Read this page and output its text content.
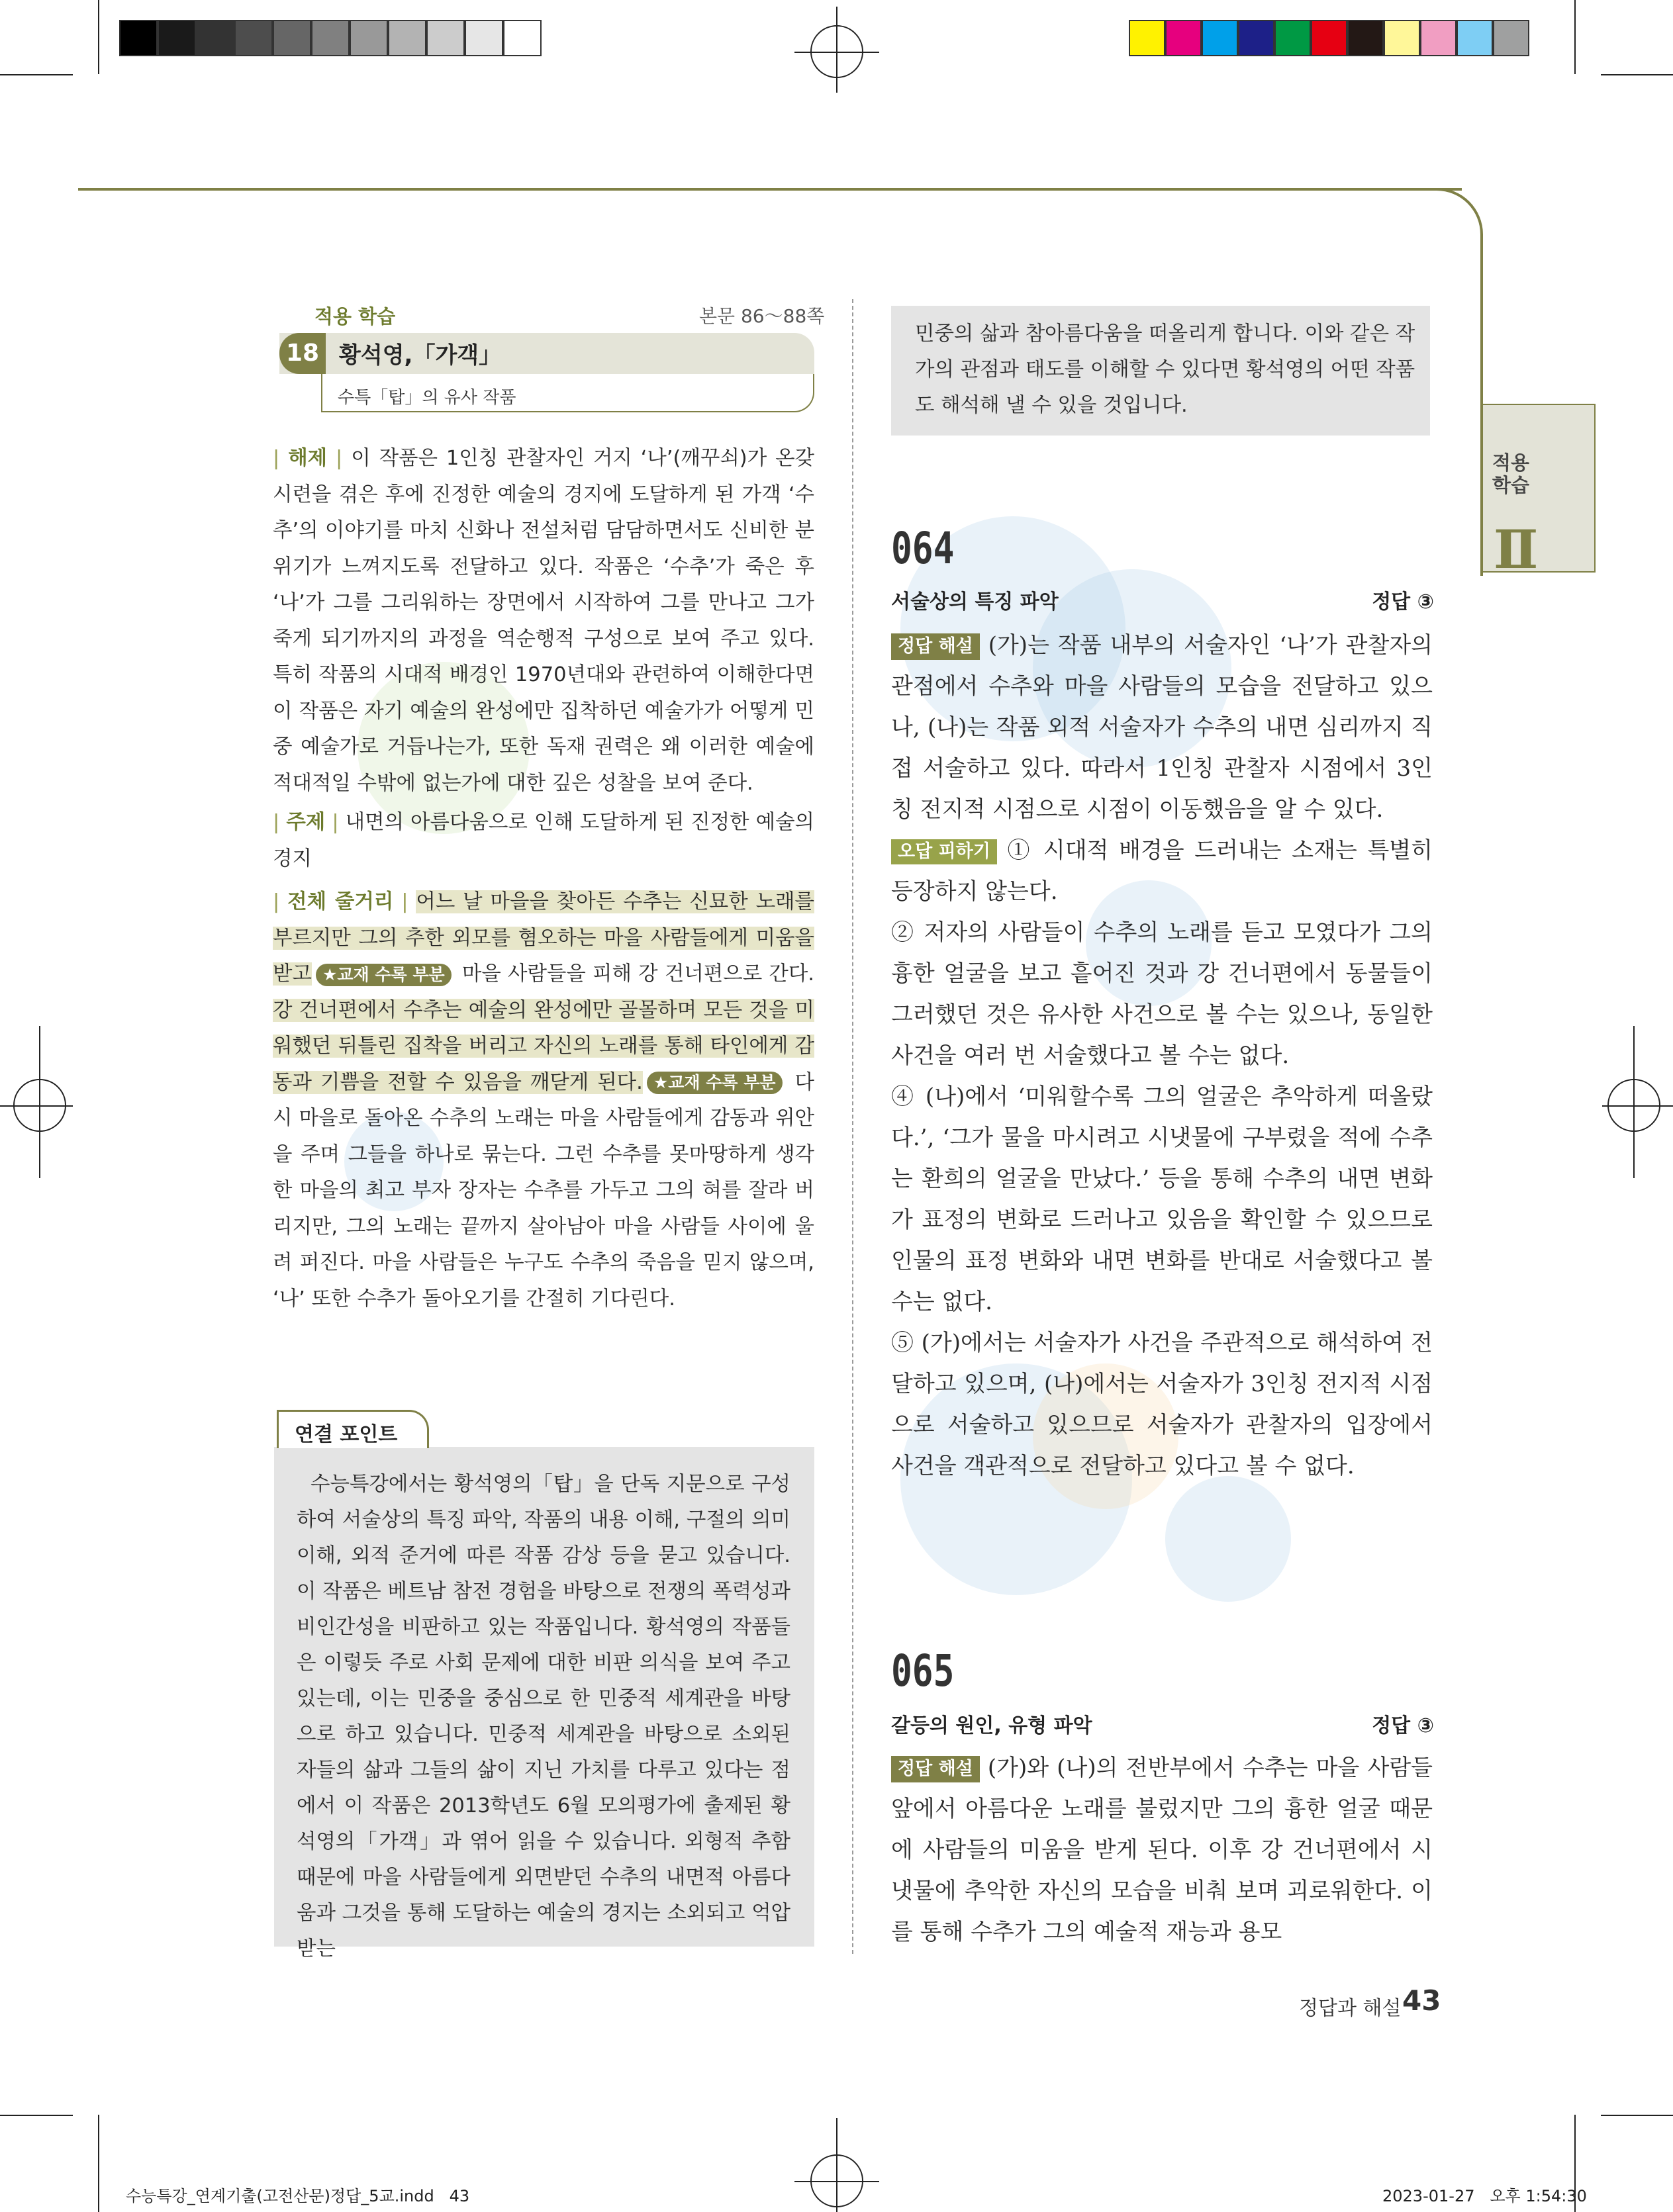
적용
학습
Ⅱ
적용 학습	본문 86～88쪽
18 황석영,「가객」
수특「탑」의 유사 작품
| 해제 | 이 작품은 1인칭 관찰자인 거지 ‘나’(깨꾸쇠)가 온갖 시련을 겪은 후에 진정한 예술의 경지에 도달하게 된 가객 ‘수추’의 이야기를 마치 신화나 전설처럼 담담하면서도 신비한 분위기가 느껴지도록 전달하고 있다. 작품은 ‘수추’가 죽은 후 ‘나’가 그를 그리워하는 장면에서 시작하여 그를 만나고 그가 죽게 되기까지의 과정을 역순행적 구성으로 보여 주고 있다. 특히 작품의 시대적 배경인 1970년대와 관련하여 이해한다면 이 작품은 자기 예술의 완성에만 집착하던 예술가가 어떻게 민중 예술가로 거듭나는가, 또한 독재 권력은 왜 이러한 예술에 적대적일 수밖에 없는가에 대한 깊은 성찰을 보여 준다.
| 주제 | 내면의 아름다움으로 인해 도달하게 된 진정한 예술의 경지
| 전체 줄거리 | 어느 날 마을을 찾아든 수추는 신묘한 노래를 부르지만 그의 추한 외모를 혐오하는 마을 사람들에게 미움을 받고 ★교재 수록 부분 마을 사람들을 피해 강 건너편으로 간다. 강 건너편에서 수추는 예술의 완성에만 골몰하며 모든 것을 미워했던 뒤틀린 집착을 버리고 자신의 노래를 통해 타인에게 감동과 기쁨을 전할 수 있음을 깨닫게 된다. ★교재 수록 부분 다시 마을로 돌아온 수추의 노래는 마을 사람들에게 감동과 위안을 주며 그들을 하나로 묶는다. 그런 수추를 못마땅하게 생각한 마을의 최고 부자 장자는 수추를 가두고 그의 혀를 잘라 버리지만, 그의 노래는 끝까지 살아남아 마을 사람들 사이에 울려 퍼진다. 마을 사람들은 누구도 수추의 죽음을 믿지 않으며, ‘나’ 또한 수추가 돌아오기를 간절히 기다린다.
연결 포인트
수능특강에서는 황석영의「탑」을 단독 지문으로 구성하여 서술상의 특징 파악, 작품의 내용 이해, 구절의 의미 이해, 외적 준거에 따른 작품 감상 등을 묻고 있습니다. 이 작품은 베트남 참전 경험을 바탕으로 전쟁의 폭력성과 비인간성을 비판하고 있는 작품입니다. 황석영의 작품들은 이렇듯 주로 사회 문제에 대한 비판 의식을 보여 주고 있는데, 이는 민중을 중심으로 한 민중적 세계관을 바탕으로 하고 있습니다. 민중적 세계관을 바탕으로 소외된 자들의 삶과 그들의 삶이 지닌 가치를 다루고 있다는 점에서 이 작품은 2013학년도 6월 모의평가에 출제된 황석영의「가객」과 엮어 읽을 수 있습니다. 외형적 추함 때문에 마을 사람들에게 외면받던 수추의 내면적 아름다움과 그것을 통해 도달하는 예술의 경지는 소외되고 억압받는
민중의 삶과 참아름다움을 떠올리게 합니다. 이와 같은 작가의 관점과 태도를 이해할 수 있다면 황석영의 어떤 작품도 해석해 낼 수 있을 것입니다.
064
서술상의 특징 파악	정답 ③
정답 해설 (가)는 작품 내부의 서술자인 ‘나’가 관찰자의 관점에서 수추와 마을 사람들의 모습을 전달하고 있으나, (나)는 작품 외적 서술자가 수추의 내면 심리까지 직접 서술하고 있다. 따라서 1인칭 관찰자 시점에서 3인칭 전지적 시점으로 시점이 이동했음을 알 수 있다.
오답 피하기 ① 시대적 배경을 드러내는 소재는 특별히 등장하지 않는다.
② 저자의 사람들이 수추의 노래를 듣고 모였다가 그의 흉한 얼굴을 보고 흩어진 것과 강 건너편에서 동물들이 그러했던 것은 유사한 사건으로 볼 수는 있으나, 동일한 사건을 여러 번 서술했다고 볼 수는 없다.
④ (나)에서 ‘미워할수록 그의 얼굴은 추악하게 떠올랐다.’, ‘그가 물을 마시려고 시냇물에 구부렸을 적에 수추는 환희의 얼굴을 만났다.’ 등을 통해 수추의 내면 변화가 표정의 변화로 드러나고 있음을 확인할 수 있으므로 인물의 표정 변화와 내면 변화를 반대로 서술했다고 볼 수는 없다.
⑤ (가)에서는 서술자가 사건을 주관적으로 해석하여 전달하고 있으며, (나)에서는 서술자가 3인칭 전지적 시점으로 서술하고 있으므로 서술자가 관찰자의 입장에서 사건을 객관적으로 전달하고 있다고 볼 수 없다.
065
갈등의 원인, 유형 파악	정답 ③
정답 해설 (가)와 (나)의 전반부에서 수추는 마을 사람들 앞에서 아름다운 노래를 불렀지만 그의 흉한 얼굴 때문에 사람들의 미움을 받게 된다. 이후 강 건너편에서 시냇물에 추악한 자신의 모습을 비춰 보며 괴로워한다. 이를 통해 수추가 그의 예술적 재능과 용모
정답과 해설 43
수능특강_연계기출(고전산문)정답_5교.indd   43	2023-01-27   오후 1:54:30
